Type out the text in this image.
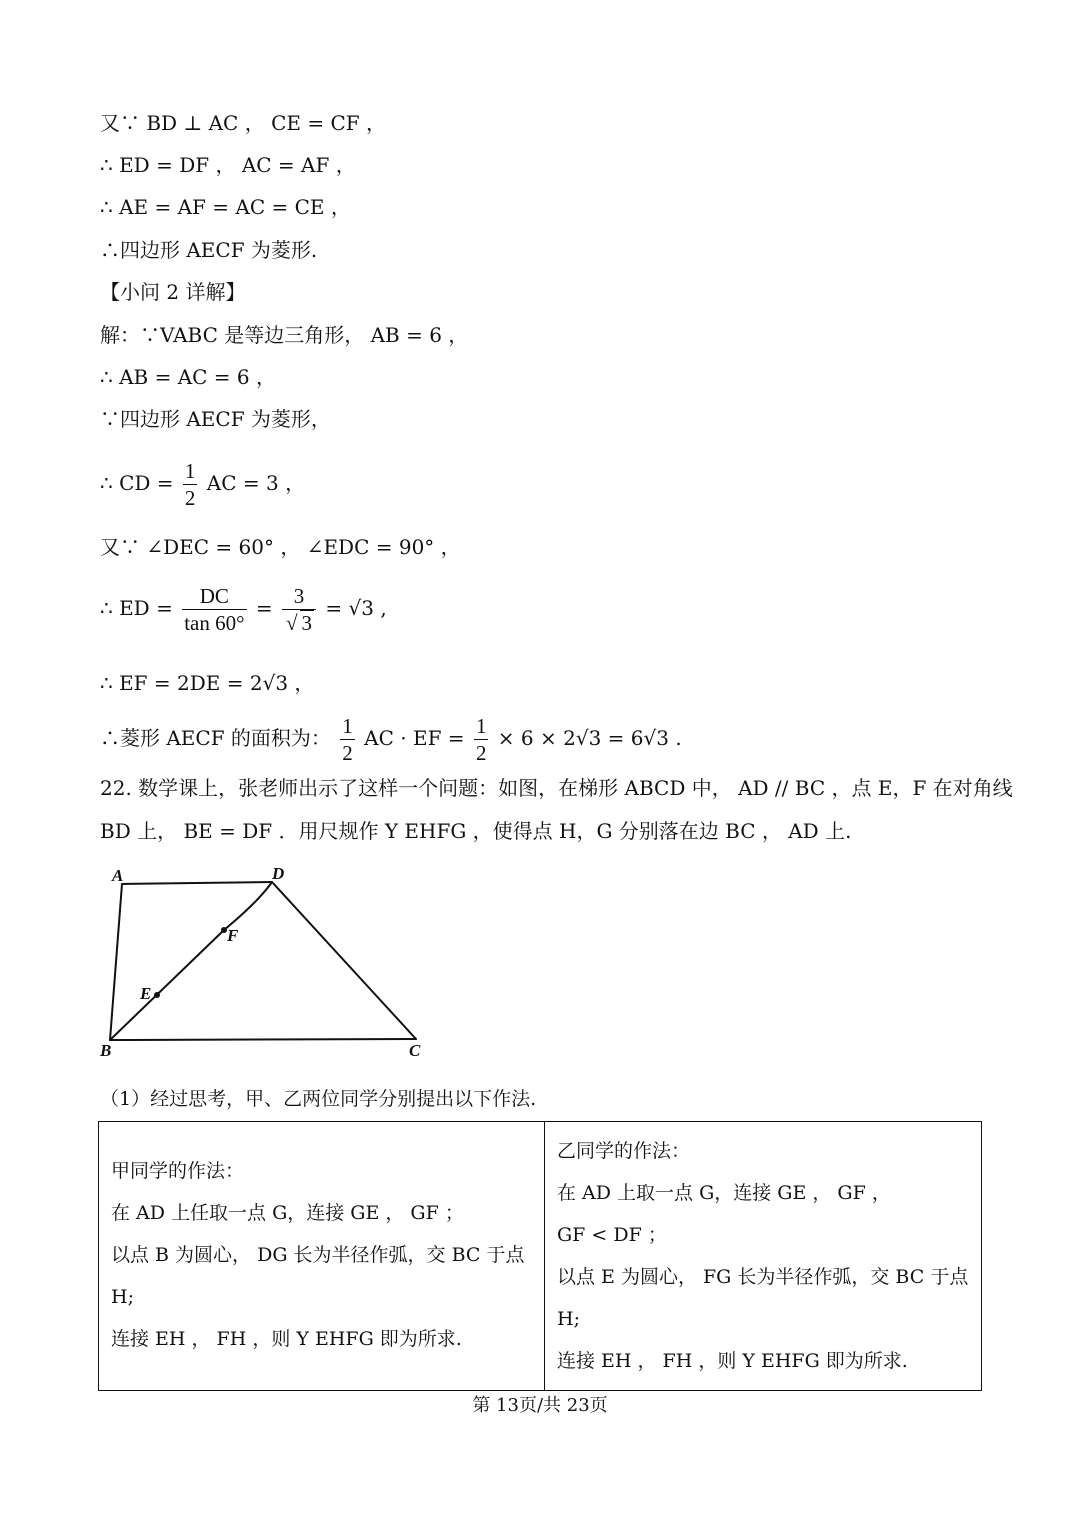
又∵ BD ⊥ AC ， CE = CF ，
∴ ED = DF ， AC = AF ，
∴ AE = AF = AC = CE ，
∴四边形 AECF 为菱形.
【小问 2 详解】
解：∵VABC 是等边三角形， AB = 6 ，
∴ AB = AC = 6 ，
∵四边形 AECF 为菱形，
∴ CD = $\frac{1}{2}$ AC = 3 ，
又∵ ∠DEC = 60° ， ∠EDC = 90° ，
∴ ED = $\frac{DC}{\tan 60^\circ} = \frac{3}{√ 3} = √3$ ,
∴ EF = 2DE = 2√3 ，
∴菱形 AECF 的面积为： $\frac{1}{2}$ AC · EF = $\frac{1}{2} \times 6 \times 2√3 = 6√3$ .
22. 数学课上，张老师出示了这样一个问题：如图，在梯形 ABCD 中， AD // BC ，点 E，F 在对角线
BD 上， BE = DF ．用尺规作 Y EHFG ，使得点 H，G 分别落在边 BC ， AD 上.
A	D
F
E
B	C
（1）经过思考，甲、乙两位同学分别提出以下作法.
甲同学的作法：
在 AD 上任取一点 G，连接 GE ， GF ；
以点 B 为圆心， DG 长为半径作弧，交 BC 于点
H;
连接 EH ， FH ，则 Y EHFG 即为所求.

乙同学的作法：
在 AD 上取一点 G，连接 GE ， GF ，
GF < DF ；
以点 E 为圆心， FG 长为半径作弧，交 BC 于点
H;
连接 EH ， FH ，则 Y EHFG 即为所求.
第 13页/共 23页
